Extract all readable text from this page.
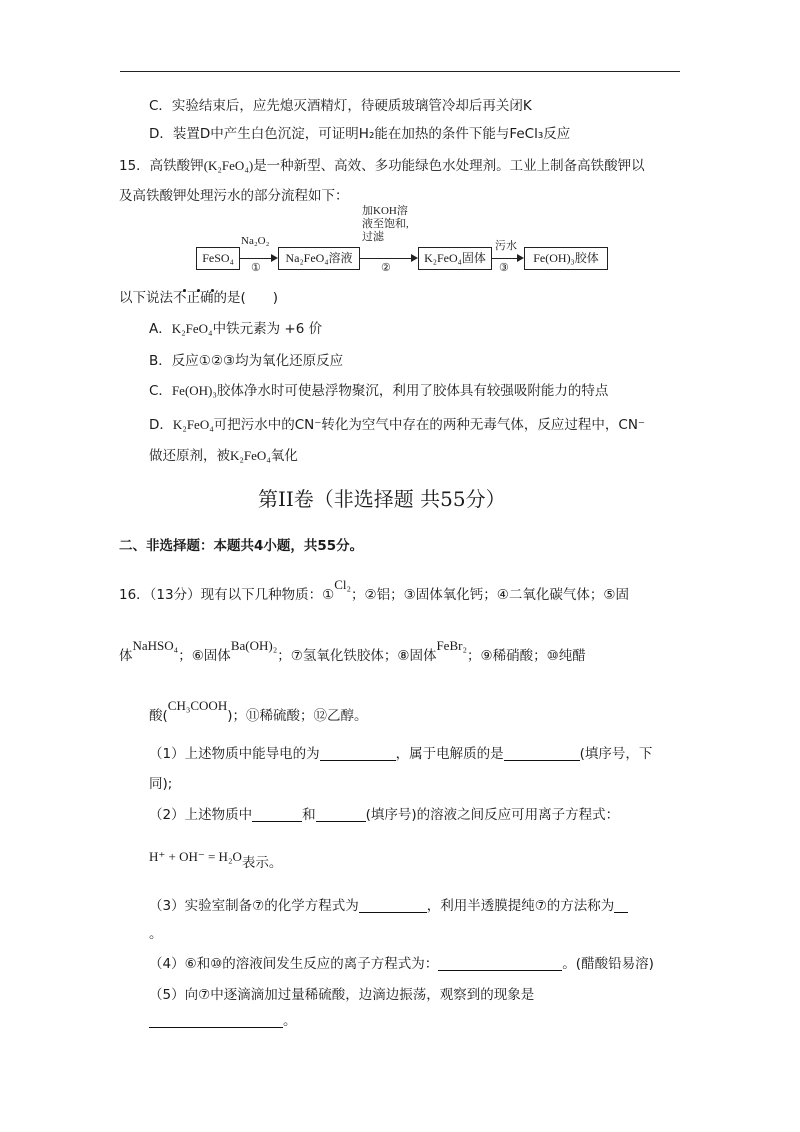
C．实验结束后，应先熄灭酒精灯，待硬质玻璃管冷却后再关闭K
D．装置D中产生白色沉淀，可证明H₂能在加热的条件下能与FeCl₃反应
15．高铁酸钾(K₂FeO₄)是一种新型、高效、多功能绿色水处理剂。工业上制备高铁酸钾以
及高铁酸钾处理污水的部分流程如下：
FeSO₄
Na₂O₂
①
Na₂FeO₄溶液
加KOH溶
液至饱和,
过滤
②
K₂FeO₄固体
污水
③
Fe(OH)₃胶体
以下说法不正确的是(　　)
A．K₂FeO₄中铁元素为 +6 价
B．反应①②③均为氧化还原反应
C．Fe(OH)₃胶体净水时可使悬浮物聚沉，利用了胶体具有较强吸附能力的特点
D．K₂FeO₄可把污水中的CN⁻转化为空气中存在的两种无毒气体，反应过程中，CN⁻
做还原剂，被K₂FeO₄氧化
第II卷（非选择题 共55分）
二、非选择题：本题共4小题，共55分。
16．（13分）现有以下几种物质：①Cl₂；②铝；③固体氧化钙；④二氧化碳气体；⑤固
体NaHSO₄；⑥固体Ba(OH)₂；⑦氢氧化铁胶体；⑧固体FeBr₂；⑨稀硝酸；⑩纯醋
酸(CH₃COOH)；⑪稀硫酸；⑫乙醇。
（1）上述物质中能导电的为	，属于电解质的是	(填序号，下
同);
（2）上述物质中	和	(填序号)的溶液之间反应可用离子方程式：
H⁺ + OH⁻ = H₂O表示。
（3）实验室制备⑦的化学方程式为	，利用半透膜提纯⑦的方法称为
。
（4）⑥和⑩的溶液间发生反应的离子方程式为：	。(醋酸铅易溶)
（5）向⑦中逐滴滴加过量稀硫酸，边滴边振荡，观察到的现象是
。
